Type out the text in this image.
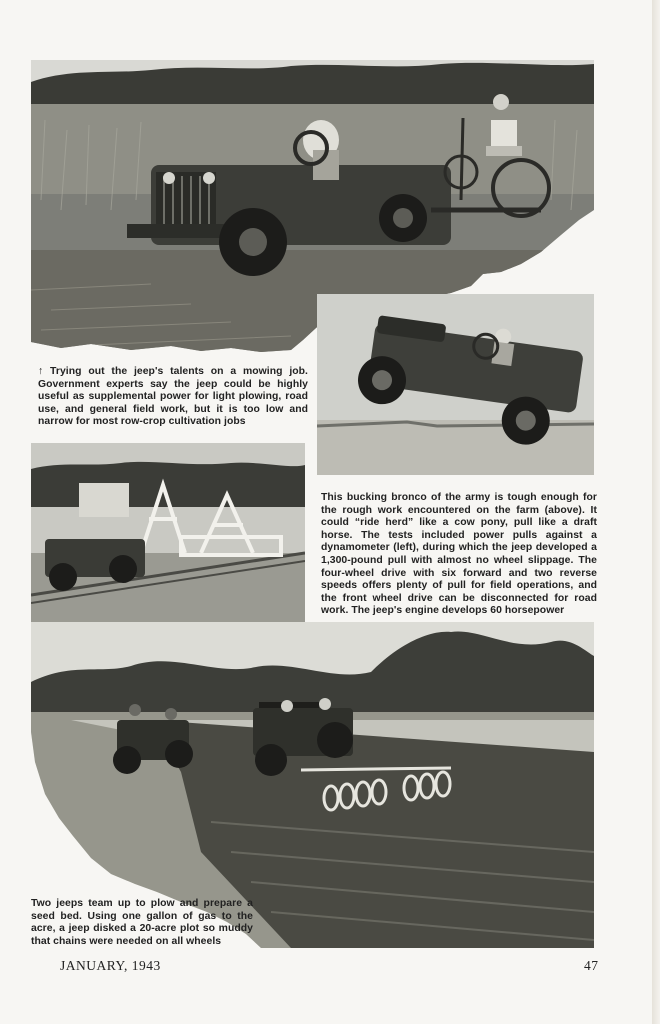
↑ Trying out the jeep's talents on a mowing job. Government experts say the jeep could be highly useful as supplemental power for light plowing, road use, and general field work, but it is too low and narrow for most row-crop cultivation jobs

This bucking bronco of the army is tough enough for the rough work encountered on the farm (above). It could “ride herd” like a cow pony, pull like a draft horse. The tests included power pulls against a dynamometer (left), during which the jeep developed a 1,300-pound pull with almost no wheel slippage. The four-wheel drive with six forward and two reverse speeds offers plenty of pull for field operations, and the front wheel drive can be disconnected for road work. The jeep's engine develops 60 horsepower

Two jeeps team up to plow and prepare a seed bed. Using one gallon of gas to the acre, a jeep disked a 20-acre plot so muddy that chains were needed on all wheels

JANUARY, 1943	47
